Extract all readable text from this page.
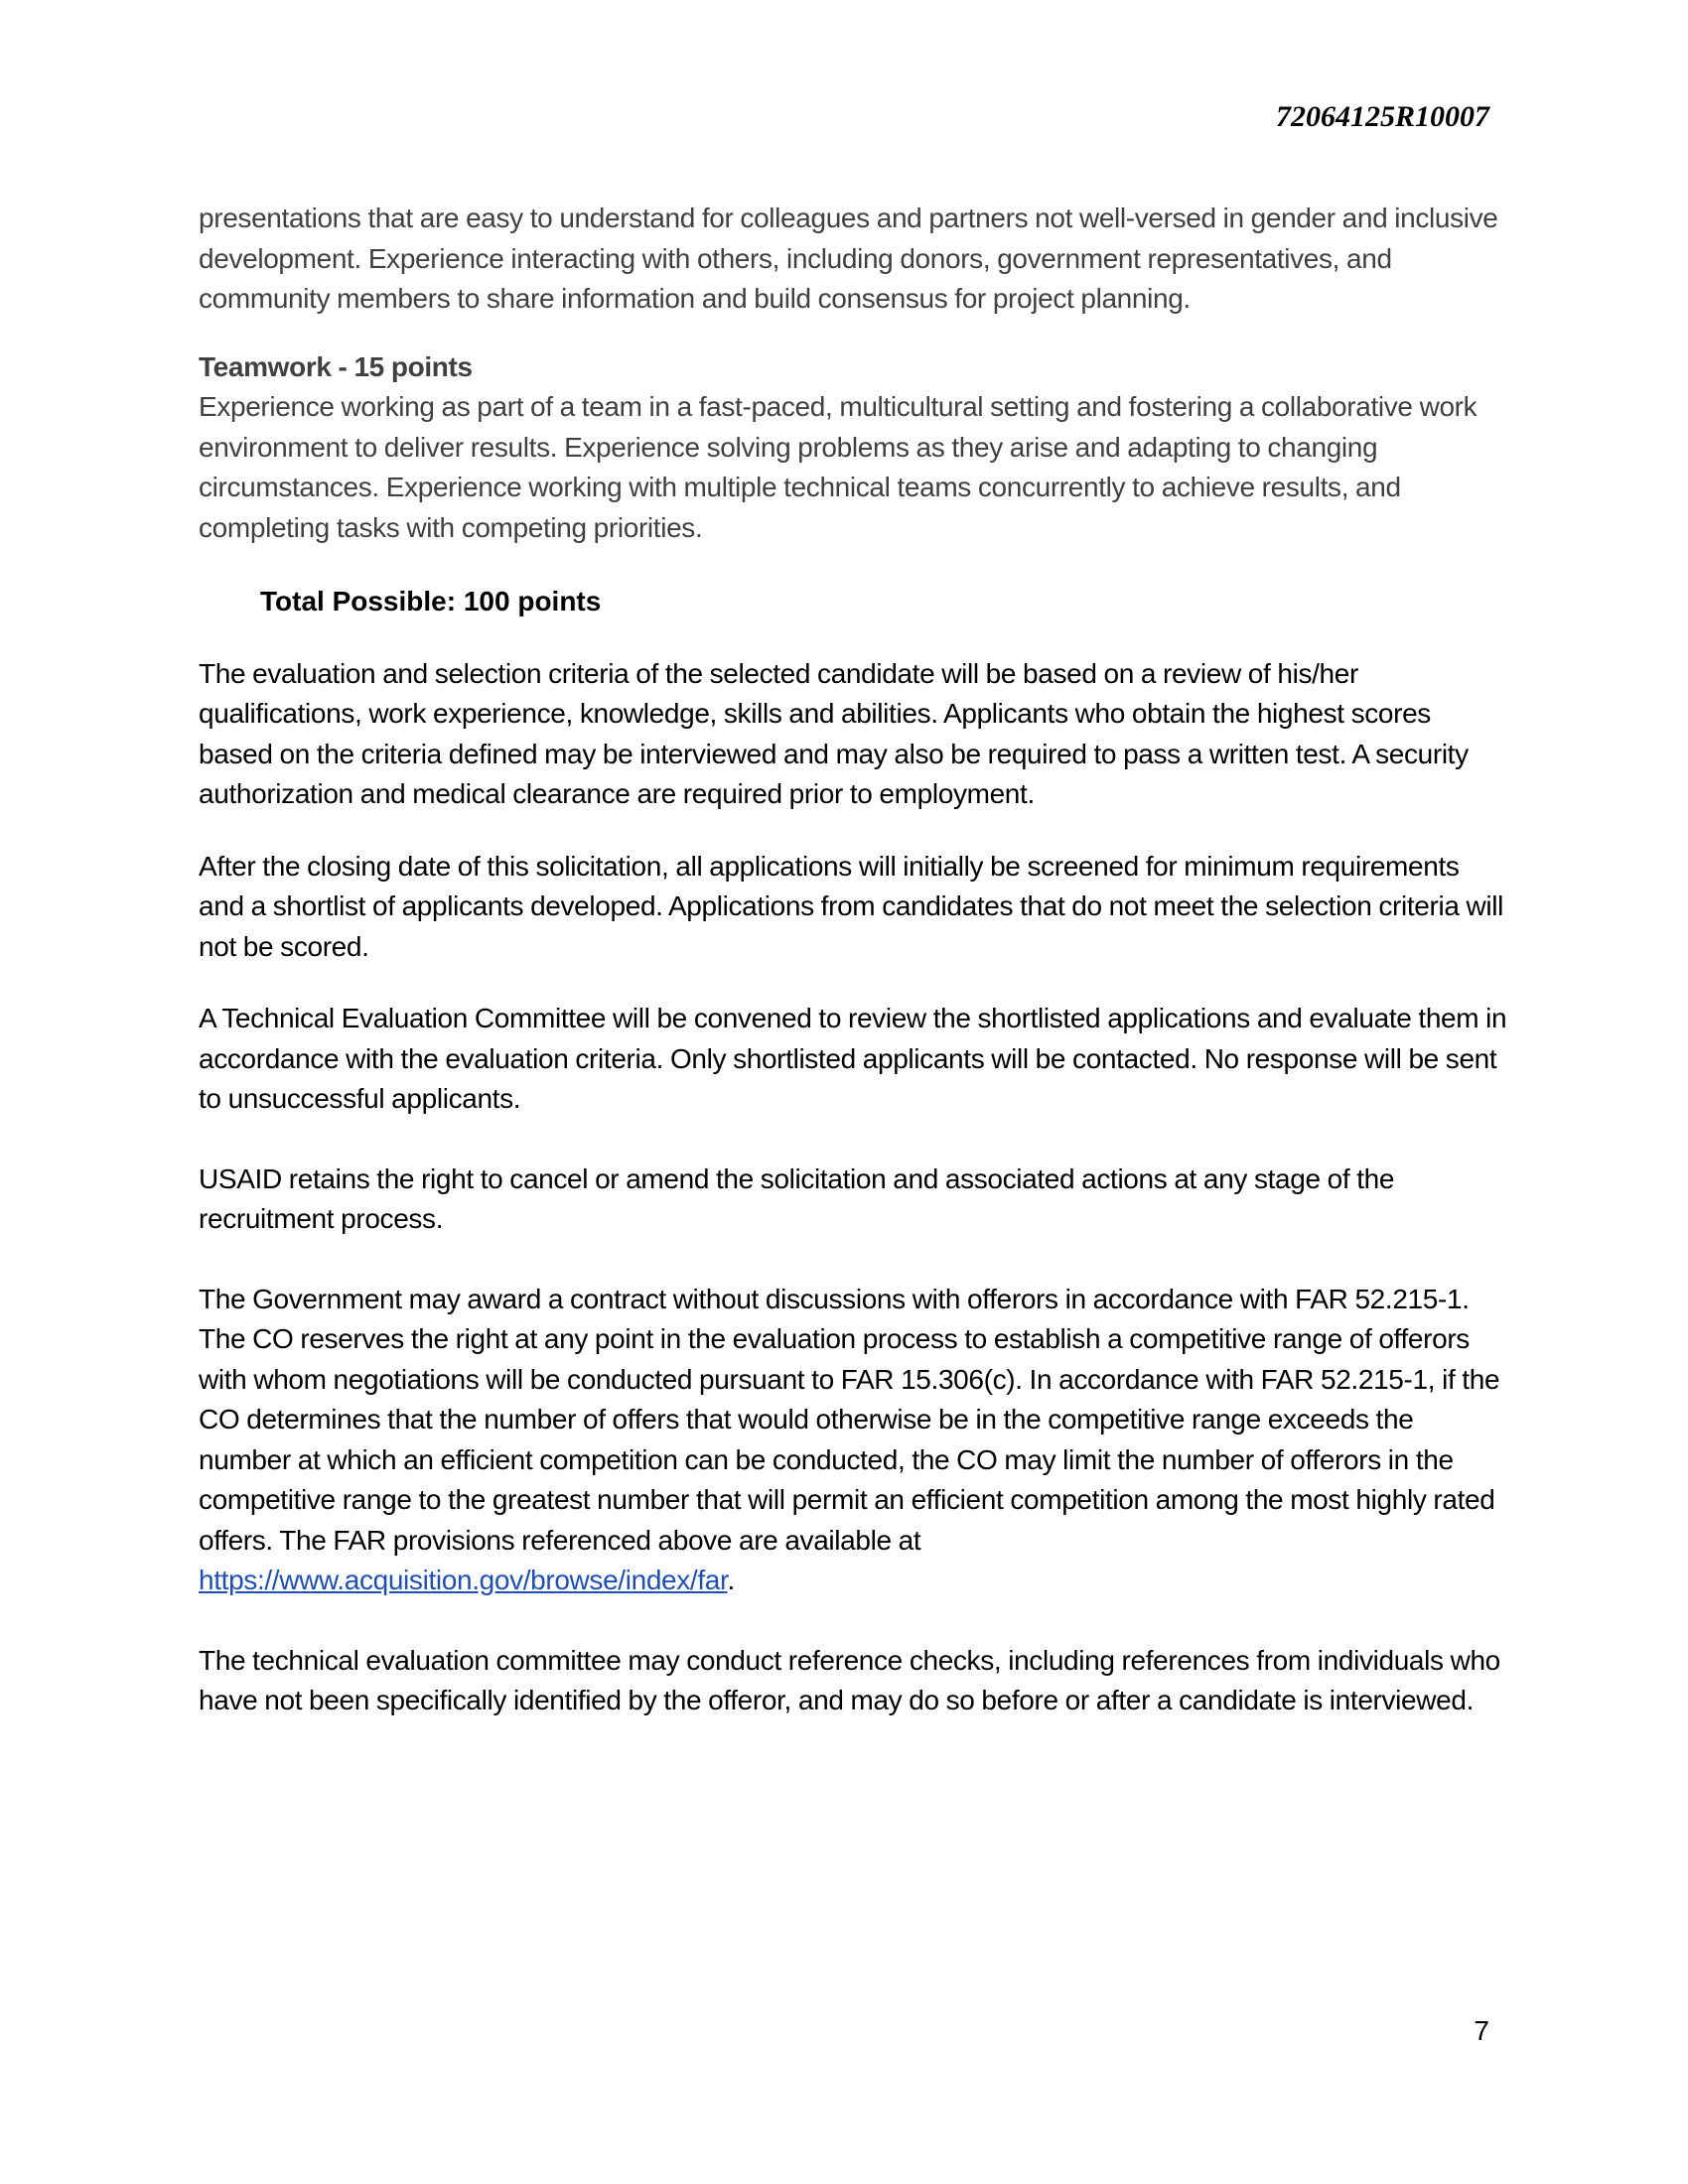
72064125R10007

presentations that are easy to understand for colleagues and partners not well-versed in gender and inclusive development. Experience interacting with others, including donors, government representatives, and community members to share information and build consensus for project planning.

Teamwork - 15 points

Experience working as part of a team in a fast-paced, multicultural setting and fostering a collaborative work environment to deliver results. Experience solving problems as they arise and adapting to changing circumstances. Experience working with multiple technical teams concurrently to achieve results, and completing tasks with competing priorities.

Total Possible: 100 points

The evaluation and selection criteria of the selected candidate will be based on a review of his/her qualifications, work experience, knowledge, skills and abilities. Applicants who obtain the highest scores based on the criteria defined may be interviewed and may also be required to pass a written test. A security authorization and medical clearance are required prior to employment.

After the closing date of this solicitation, all applications will initially be screened for minimum requirements and a shortlist of applicants developed. Applications from candidates that do not meet the selection criteria will not be scored.

A Technical Evaluation Committee will be convened to review the shortlisted applications and evaluate them in accordance with the evaluation criteria. Only shortlisted applicants will be contacted. No response will be sent to unsuccessful applicants.

USAID retains the right to cancel or amend the solicitation and associated actions at any stage of the recruitment process.

The Government may award a contract without discussions with offerors in accordance with FAR 52.215-1. The CO reserves the right at any point in the evaluation process to establish a competitive range of offerors with whom negotiations will be conducted pursuant to FAR 15.306(c). In accordance with FAR 52.215-1, if the CO determines that the number of offers that would otherwise be in the competitive range exceeds the number at which an efficient competition can be conducted, the CO may limit the number of offerors in the competitive range to the greatest number that will permit an efficient competition among the most highly rated offers. The FAR provisions referenced above are available at
https://www.acquisition.gov/browse/index/far.

The technical evaluation committee may conduct reference checks, including references from individuals who have not been specifically identified by the offeror, and may do so before or after a candidate is interviewed.

7
